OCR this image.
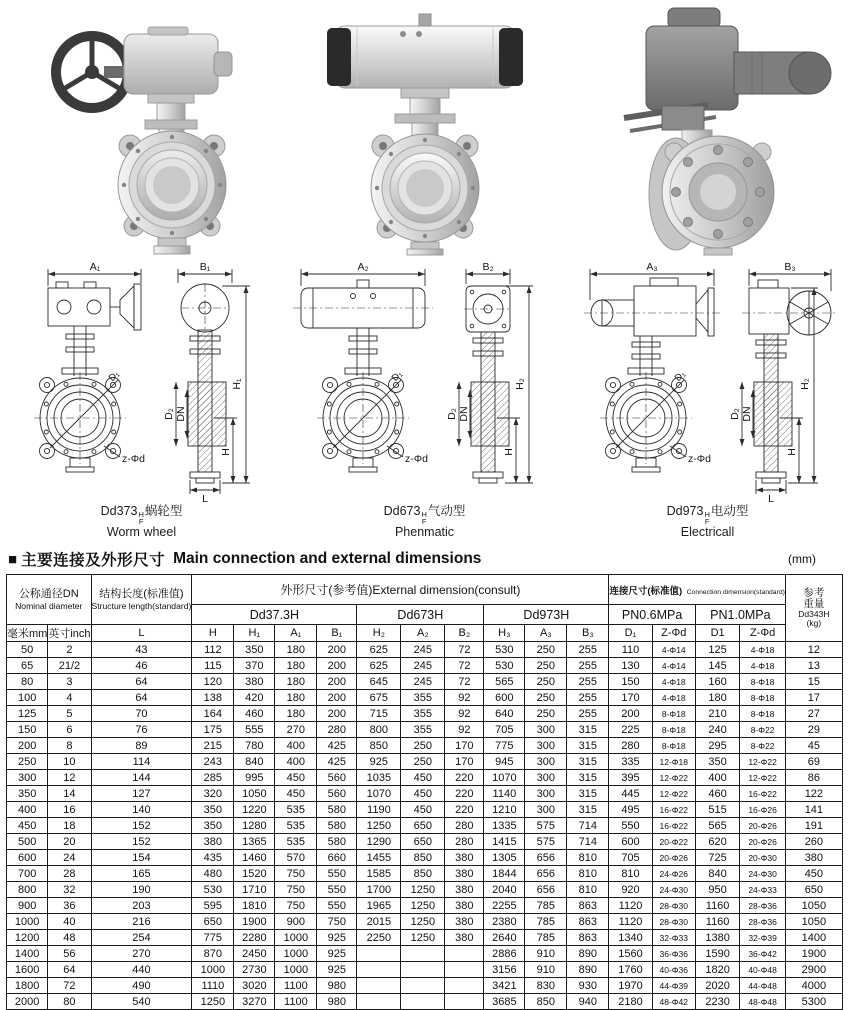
A₁	B₁
H₁
H
D₂ DN
L
D₁
z-Φd
Dd373 H
F
蜗轮型
Worm wheel
A₂	B₂
H₂
H
D₂ DN
D₁
z-Φd
Dd673 H
F
气动型
Phenmatic
A₃	B₃
H₂
H
D₂ DN
L
D₁
z-Φd
Dd973 H
F
电动型
Electricall
■ 主要连接及外形尺寸 Main connection and external dimensions	(mm)
公称通径DN
Nominal diameter

结构长度(标准值)
Structure length(standard)
	外形尺寸(参考值)External dimension(consult)	连接尺寸(标准值) Connection dimension(standard)	参考重量
Dd343H
(kg)

			Dd37.3H				Dd673H			Dd973H			PN0.6MPa		PN1.0MPa		
毫米mm	英寸inch	L	H	H₁	A₁	B₁	H₂	A₂	B₂	H₃	A₃	B₃	D₁	Z-Φd	D1	Z-Φd	
50	2	43	112	350	180	200	625	245	72	530	250	255	110	4-Φ14	125	4-Φ18	12
65	21/2	46	115	370	180	200	625	245	72	530	250	255	130	4-Φ14	145	4-Φ18	13
80	3	64	120	380	180	200	645	245	72	565	250	255	150	4-Φ18	160	8-Φ18	15
100	4	64	138	420	180	200	675	355	92	600	250	255	170	4-Φ18	180	8-Φ18	17
125	5	70	164	460	180	200	715	355	92	640	250	255	200	8-Φ18	210	8-Φ18	27
150	6	76	175	555	270	280	800	355	92	705	300	315	225	8-Φ18	240	8-Φ22	29
200	8	89	215	780	400	425	850	250	170	775	300	315	280	8-Φ18	295	8-Φ22	45
250	10	114	243	840	400	425	925	250	170	945	300	315	335	12-Φ18	350	12-Φ22	69
300	12	144	285	995	450	560	1035	450	220	1070	300	315	395	12-Φ22	400	12-Φ22	86
350	14	127	320	1050	450	560	1070	450	220	1140	300	315	445	12-Φ22	460	16-Φ22	122
400	16	140	350	1220	535	580	1190	450	220	1210	300	315	495	16-Φ22	515	16-Φ26	141
450	18	152	350	1280	535	580	1250	650	280	1335	575	714	550	16-Φ22	565	20-Φ26	191
500	20	152	380	1365	535	580	1290	650	280	1415	575	714	600	20-Φ22	620	20-Φ26	260
600	24	154	435	1460	570	660	1455	850	380	1305	656	810	705	20-Φ26	725	20-Φ30	380
700	28	165	480	1520	750	550	1585	850	380	1844	656	810	810	24-Φ26	840	24-Φ30	450
800	32	190	530	1710	750	550	1700	1250	380	2040	656	810	920	24-Φ30	950	24-Φ33	650
900	36	203	595	1810	750	550	1965	1250	380	2255	785	863	1120	28-Φ30	1160	28-Φ36	1050
1000	40	216	650	1900	900	750	2015	1250	380	2380	785	863	1120	28-Φ30	1160	28-Φ36	1050
1200	48	254	775	2280	1000	925	2250	1250	380	2640	785	863	1340	32-Φ33	1380	32-Φ39	1400
1400	56	270	870	2450	1000	925				2886	910	890	1560	36-Φ36	1590	36-Φ42	1900
1600	64	440	1000	2730	1000	925				3156	910	890	1760	40-Φ36	1820	40-Φ48	2900
1800	72	490	1110	3020	1100	980				3421	830	930	1970	44-Φ39	2020	44-Φ48	4000
2000	80	540	1250	3270	1100	980				3685	850	940	2180	48-Φ42	2230	48-Φ48	5300
